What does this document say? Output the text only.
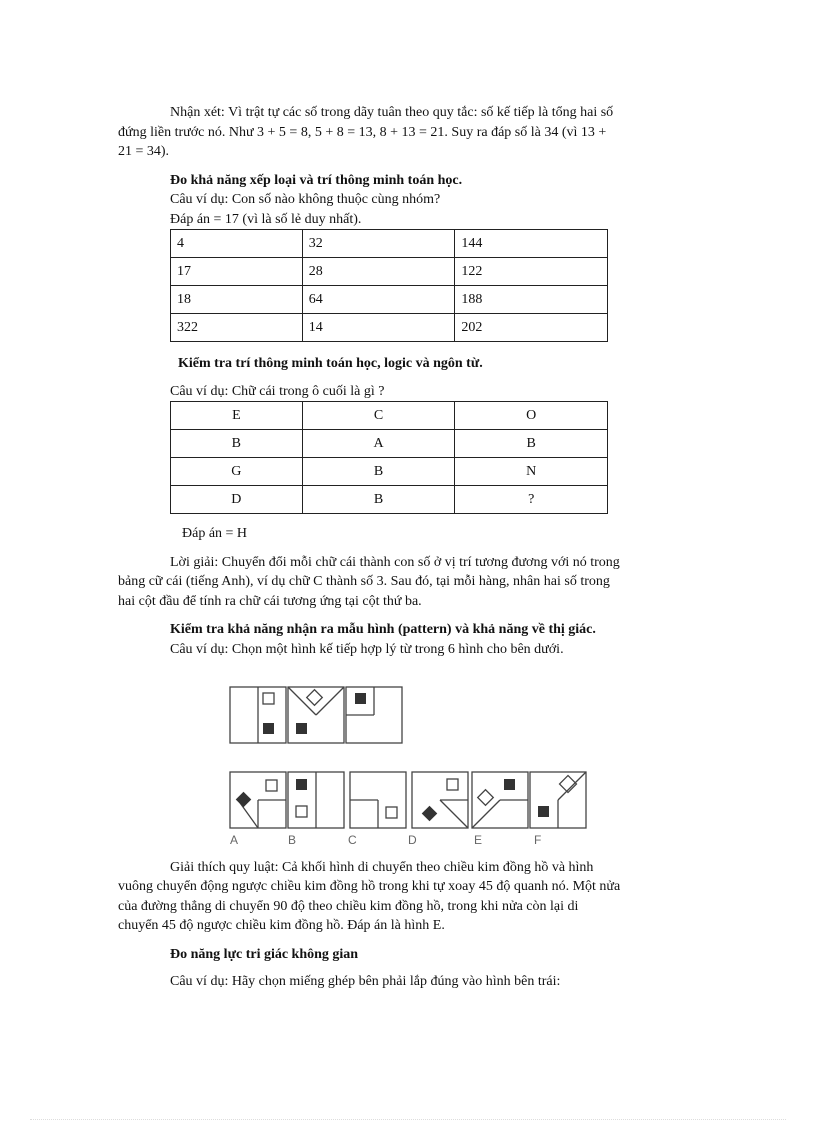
Nhận xét: Vì trật tự các số trong dãy tuân theo quy tắc: số kế tiếp là tổng hai số

đứng liền trước nó. Như 3 + 5 = 8, 5 + 8 = 13, 8 + 13 = 21. Suy ra đáp số là 34 (vì 13 +

21 = 34).

Đo khả năng xếp loại và trí thông minh toán học.
Câu ví dụ: Con số nào không thuộc cùng nhóm?
Đáp án = 17 (vì là số lẻ duy nhất).
4	32	144
17	28	122
18	64	188
322	14	202
Kiểm tra trí thông minh toán học, logic và ngôn từ.
Câu ví dụ: Chữ cái trong ô cuối là gì ?
E	C	O
B	A	B
G	B	N
D	B	?
Đáp án = H

Lời giải: Chuyển đổi mỗi chữ cái thành con số ở vị trí tương đương với nó trong

bảng cữ cái (tiếng Anh), ví dụ chữ C thành số 3. Sau đó, tại mỗi hàng, nhân hai số trong

hai cột đầu để tính ra chữ cái tương ứng tại cột thứ ba.

Kiểm tra khả năng nhận ra mẫu hình (pattern) và khả năng về thị giác.
Câu ví dụ: Chọn một hình kế tiếp hợp lý từ trong 6 hình cho bên dưới.
A	B	C	D	E	F

Giải thích quy luật: Cả khối hình di chuyển theo chiều kim đồng hồ và hình

vuông chuyển động ngược chiều kim đồng hồ trong khi tự xoay 45 độ quanh nó. Một nửa

của đường thẳng di chuyển 90 độ theo chiều kim đồng hồ, trong khi nửa còn lại di

chuyển 45 độ ngược chiều kim đồng hồ. Đáp án là hình E.

Đo năng lực tri giác không gian
Câu ví dụ: Hãy chọn miếng ghép bên phải lắp đúng vào hình bên trái:
